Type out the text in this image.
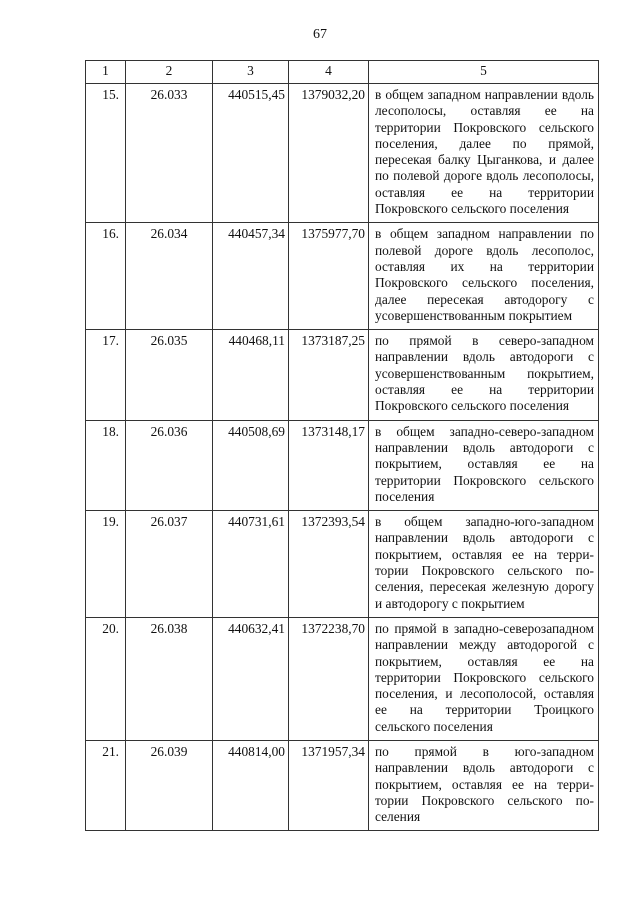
67
1	2	3	4	5
15.	26.033	440515,45	1379032,20	в общем западном направлении вдоль лесополосы, оставляя ее на территории Покровского сельского поселения, далее по прямой, пересекая балку Цыганкова, и далее по полевой дороге вдоль лесополосы, оставляя ее на территории Покровского сельского поселения
16.	26.034	440457,34	1375977,70	в общем западном направлении по полевой дороге вдоль лесополос, оставляя их на территории Покровского сельского поселения, далее пересекая автодорогу с усовершенствованным покрытием
17.	26.035	440468,11	1373187,25	по прямой в северо-западном направлении вдоль автодороги с усовершенствованным покрытием, оставляя ее на территории Покровского сельского поселения
18.	26.036	440508,69	1373148,17	в общем западно-северо-западном направлении вдоль автодороги с покрытием, оставляя ее на территории Покровского сельского поселения
19.	26.037	440731,61	1372393,54	в общем западно-юго-западном направлении вдоль автодороги с покрытием, оставляя ее на территории Покровского сельского поселения, пересекая железную дорогу и автодорогу с покрытием
20.	26.038	440632,41	1372238,70	по прямой в западно-северозападном направлении между автодорогой с покрытием, оставляя ее на территории Покровского сельского поселения, и лесополосой, оставляя ее на территории Троицкого сельского поселения
21.	26.039	440814,00	1371957,34	по прямой в юго-западном направлении вдоль автодороги с покрытием, оставляя ее на территории Покровского сельского поселения
